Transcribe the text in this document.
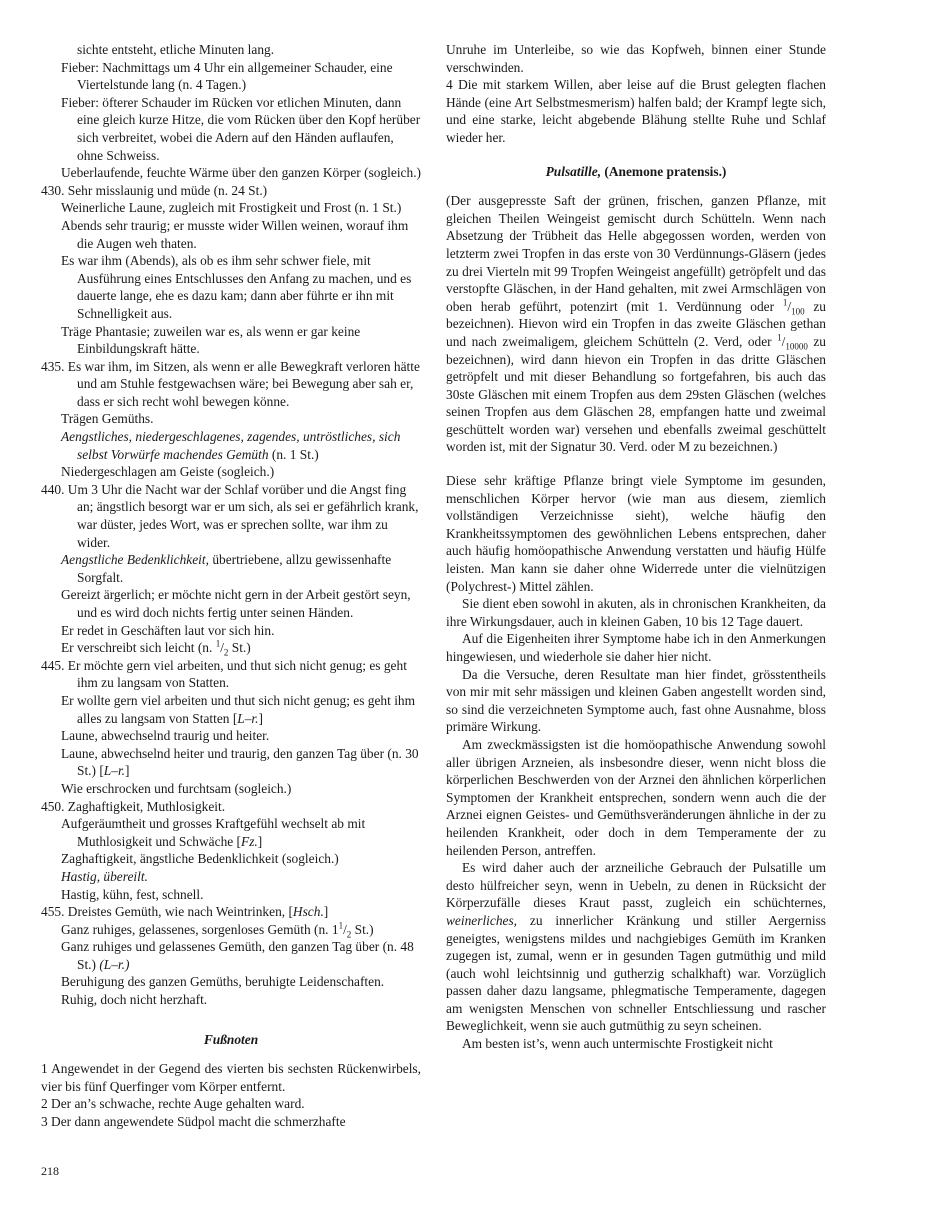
sichte entsteht, etliche Minuten lang.

Fieber: Nachmittags um 4 Uhr ein allgemeiner Schauder, eine Viertelstunde lang (n. 4 Tagen.)

Fieber: öfterer Schauder im Rücken vor etlichen Minuten, dann eine gleich kurze Hitze, die vom Rücken über den Kopf herüber sich verbreitet, wobei die Adern auf den Händen auflaufen, ohne Schweiss.

Ueberlaufende, feuchte Wärme über den ganzen Körper (sogleich.)

430. Sehr misslaunig und müde (n. 24 St.)

Weinerliche Laune, zugleich mit Frostigkeit und Frost (n. 1 St.)

Abends sehr traurig; er musste wider Willen weinen, worauf ihm die Augen weh thaten.

Es war ihm (Abends), als ob es ihm sehr schwer fiele, mit Ausführung eines Entschlusses den Anfang zu machen, und es dauerte lange, ehe es dazu kam; dann aber führte er ihn mit Schnelligkeit aus.

Träge Phantasie; zuweilen war es, als wenn er gar keine Einbildungskraft hätte.

435. Es war ihm, im Sitzen, als wenn er alle Bewegkraft verloren hätte und am Stuhle festgewachsen wäre; bei Bewegung aber sah er, dass er sich recht wohl bewegen könne.

Trägen Gemüths.

Aengstliches, niedergeschlagenes, zagendes, untröstliches, sich selbst Vorwürfe machendes Gemüth (n. 1 St.)

Niedergeschlagen am Geiste (sogleich.)

440. Um 3 Uhr die Nacht war der Schlaf vorüber und die Angst fing an; ängstlich besorgt war er um sich, als sei er gefährlich krank, war düster, jedes Wort, was er sprechen sollte, war ihm zu wider.

Aengstliche Bedenklichkeit, übertriebene, allzu gewissenhafte Sorgfalt.

Gereizt ärgerlich; er möchte nicht gern in der Arbeit gestört seyn, und es wird doch nichts fertig unter seinen Händen.

Er redet in Geschäften laut vor sich hin.

Er verschreibt sich leicht (n. $^1/_2$ St.)

445. Er möchte gern viel arbeiten, und thut sich nicht genug; es geht ihm zu langsam von Statten.

Er wollte gern viel arbeiten und thut sich nicht genug; es geht ihm alles zu langsam von Statten [L–r.]

Laune, abwechselnd traurig und heiter.

Laune, abwechselnd heiter und traurig, den ganzen Tag über (n. 30 St.) [L–r.]

Wie erschrocken und furchtsam (sogleich.)

450. Zaghaftigkeit, Muthlosigkeit.

Aufgeräumtheit und grosses Kraftgefühl wechselt ab mit Muthlosigkeit und Schwäche [Fz.]

Zaghaftigkeit, ängstliche Bedenklichkeit (sogleich.)

Hastig, übereilt.

Hastig, kühn, fest, schnell.

455. Dreistes Gemüth, wie nach Weintrinken, [Hsch.]

Ganz ruhiges, gelassenes, sorgenloses Gemüth (n. $1^1/_2$ St.)

Ganz ruhiges und gelassenes Gemüth, den ganzen Tag über (n. 48 St.) (L–r.)

Beruhigung des ganzen Gemüths, beruhigte Leidenschaften.

Ruhig, doch nicht herzhaft.

Fußnoten

1 Angewendet in der Gegend des vierten bis sechsten Rückenwirbels, vier bis fünf Querfinger vom Körper entfernt.

2 Der an’s schwache, rechte Auge gehalten ward.

3 Der dann angewendete Südpol macht die schmerzhafte

Unruhe im Unterleibe, so wie das Kopfweh, binnen einer Stunde verschwinden.

4 Die mit starkem Willen, aber leise auf die Brust gelegten flachen Hände (eine Art Selbstmesmerism) halfen bald; der Krampf legte sich, und eine starke, leicht abgebende Blähung stellte Ruhe und Schlaf wieder her.

Pulsatille, (Anemone pratensis.)

(Der ausgepresste Saft der grünen, frischen, ganzen Pflanze, mit gleichen Theilen Weingeist gemischt durch Schütteln. Wenn nach Absetzung der Trübheit das Helle abgegossen worden, werden von letzterm zwei Tropfen in das erste von 30 Verdünnungs-Gläsern (jedes zu drei Vierteln mit 99 Tropfen Weingeist angefüllt) getröpfelt und das verstopfte Gläschen, in der Hand gehalten, mit zwei Armschlägen von oben herab geführt, potenzirt (mit 1. Verdünnung oder $^1/_{100}$ zu bezeichnen). Hievon wird ein Tropfen in das zweite Gläschen gethan und nach zweimaligem, gleichem Schütteln (2. Verd, oder $^1/_{10000}$ zu bezeichnen), wird dann hievon ein Tropfen in das dritte Gläschen getröpfelt und mit dieser Behandlung so fortgefahren, bis auch das 30ste Gläschen mit einem Tropfen aus dem 29sten Gläschen (welches seinen Tropfen aus dem Gläschen 28, empfangen hatte und zweimal geschüttelt worden war) versehen und ebenfalls zweimal geschüttelt worden ist, mit der Signatur 30. Verd. oder M zu bezeichnen.)

Diese sehr kräftige Pflanze bringt viele Symptome im gesunden, menschlichen Körper hervor (wie man aus diesem, ziemlich vollständigen Verzeichnisse sieht), welche häufig den Krankheitssymptomen des gewöhnlichen Lebens entsprechen, daher auch häufig homöopathische Anwendung verstatten und häufig Hülfe leisten. Man kann sie daher ohne Widerrede unter die vielnützigen (Polychrest-) Mittel zählen.

Sie dient eben sowohl in akuten, als in chronischen Krankheiten, da ihre Wirkungsdauer, auch in kleinen Gaben, 10 bis 12 Tage dauert.

Auf die Eigenheiten ihrer Symptome habe ich in den Anmerkungen hingewiesen, und wiederhole sie daher hier nicht.

Da die Versuche, deren Resultate man hier findet, grösstentheils von mir mit sehr mässigen und kleinen Gaben angestellt worden sind, so sind die verzeichneten Symptome auch, fast ohne Ausnahme, bloss primäre Wirkung.

Am zweckmässigsten ist die homöopathische Anwendung sowohl aller übrigen Arzneien, als insbesondre dieser, wenn nicht bloss die körperlichen Beschwerden von der Arznei den ähnlichen körperlichen Symptomen der Krankheit entsprechen, sondern wenn auch die der Arznei eignen Geistes- und Gemüthsveränderungen ähnliche in der zu heilenden Krankheit, oder doch in dem Temperamente der zu heilenden Person, antreffen.

Es wird daher auch der arzneiliche Gebrauch der Pulsatille um desto hülfreicher seyn, wenn in Uebeln, zu denen in Rücksicht der Körperzufälle dieses Kraut passt, zugleich ein schüchternes, weinerliches, zu innerlicher Kränkung und stiller Aergerniss geneigtes, wenigstens mildes und nachgiebiges Gemüth im Kranken zugegen ist, zumal, wenn er in gesunden Tagen gutmüthig und mild (auch wohl leichtsinnig und gutherzig schalkhaft) war. Vorzüglich passen daher dazu langsame, phlegmatische Temperamente, dagegen am wenigsten Menschen von schneller Entschliessung und rascher Beweglichkeit, wenn sie auch gutmüthig zu seyn scheinen.

Am besten ist’s, wenn auch untermischte Frostigkeit nicht

218
